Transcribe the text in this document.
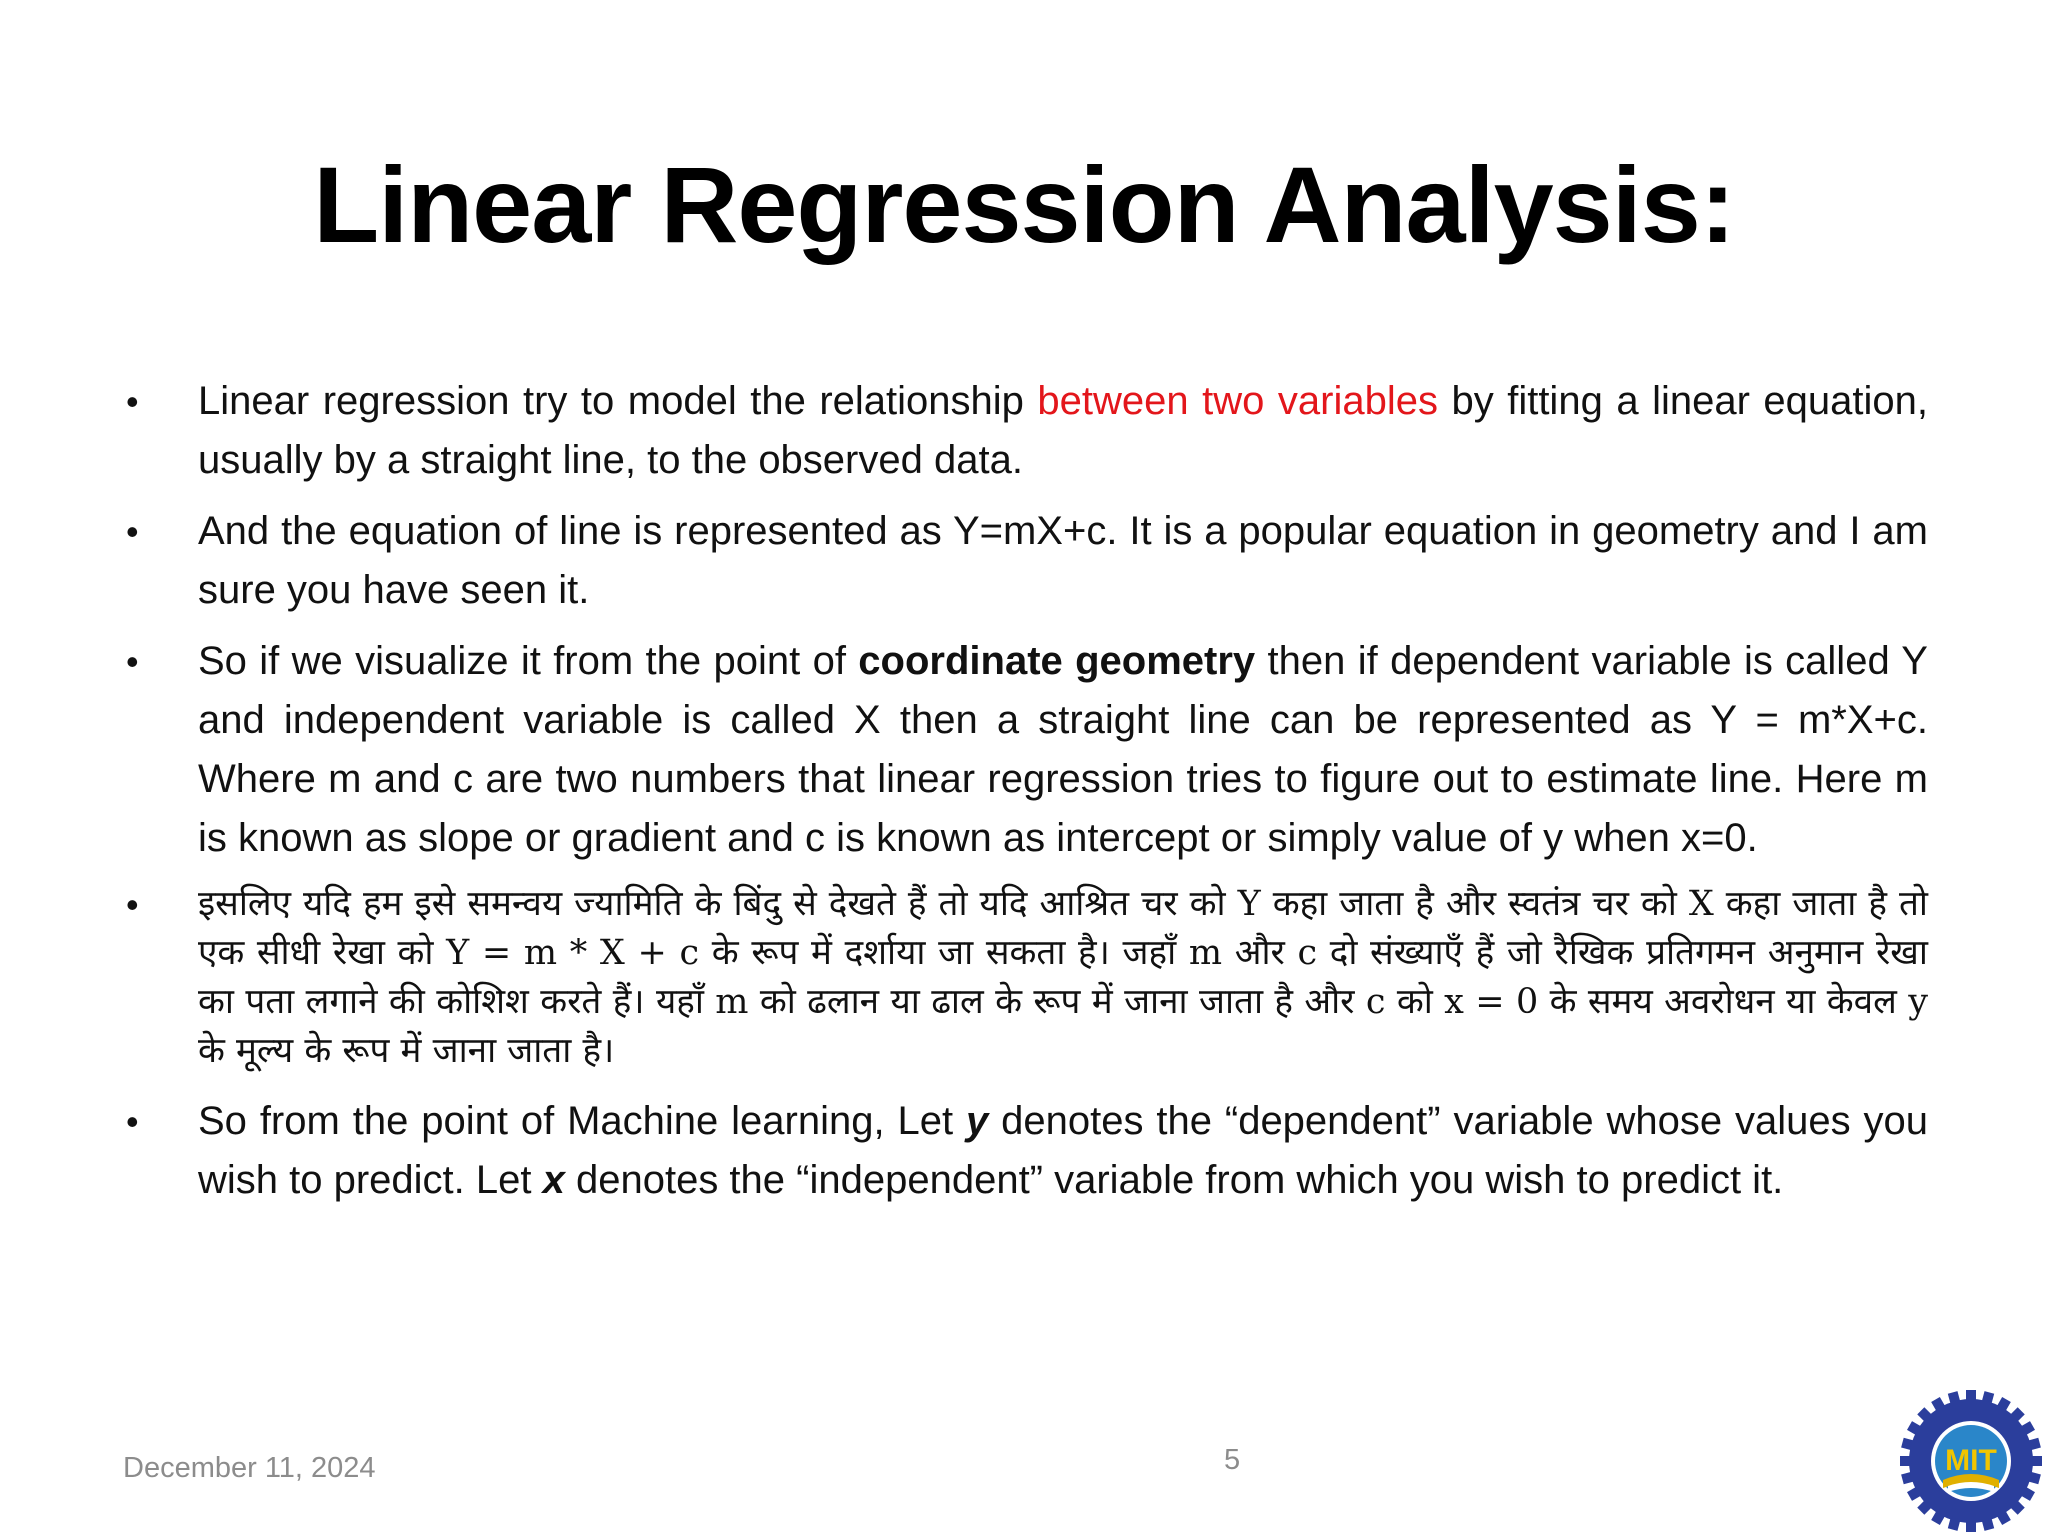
Linear Regression Analysis:
• Linear regression try to model the relationship between two variables by fitting a linear equation, usually by a straight line, to the observed data.
• And the equation of line is represented as Y=mX+c. It is a popular equation in geometry and I am sure you have seen it.
• So if we visualize it from the point of coordinate geometry then if dependent variable is called Y and independent variable is called X then a straight line can be represented as Y = m*X+c. Where m and c are two numbers that linear regression tries to figure out to estimate line. Here m is known as slope or gradient and c is known as intercept or simply value of y when x=0.
• इसलिए यदि हम इसे समन्वय ज्यामिति के बिंदु से देखते हैं तो यदि आश्रित चर को Y कहा जाता है और स्वतंत्र चर को X कहा जाता है तो एक सीधी रेखा को Y = m * X + c के रूप में दर्शाया जा सकता है। जहाँ m और c दो संख्याएँ हैं जो रैखिक प्रतिगमन अनुमान रेखा का पता लगाने की कोशिश करते हैं। यहाँ m को ढलान या ढाल के रूप में जाना जाता है और c को x = 0 के समय अवरोधन या केवल y के मूल्य के रूप में जाना जाता है।
• So from the point of Machine learning, Let y denotes the “dependent” variable whose values you wish to predict. Let x denotes the “independent” variable from which you wish to predict it.
December 11, 2024	5	MIT
